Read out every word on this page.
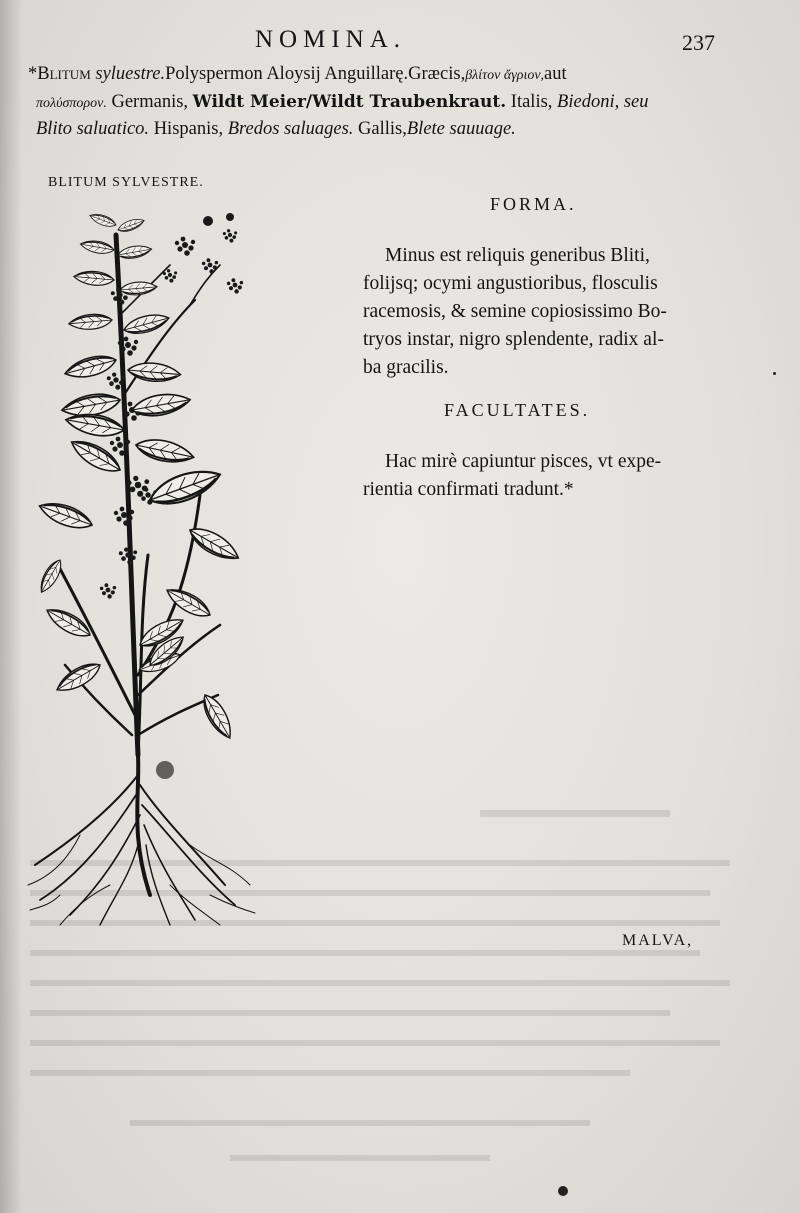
NOMINA.	237
*Blitum syluestre.Polyspermon Aloysij Anguillarę.Græcis,βλίτον ἄγριον,aut
πολύσπορον. Germanis, Wildt Meier/Wildt Traubenkraut. Italis, Biedoni, seu
Blito saluatico. Hispanis, Bredos saluages. Gallis,Blete sauuage.
BLITUM SYLVESTRE.
FORMA.
Minus est reliquis generibus Bliti,
folijsq; ocymi angustioribus, flosculis
racemosis, & semine copiosissimo Bo-
tryos instar, nigro splendente, radix al-
ba gracilis.
FACULTATES.
Hac mirè capiuntur pisces, vt expe-
rientia confirmati tradunt.*
MALVA,
